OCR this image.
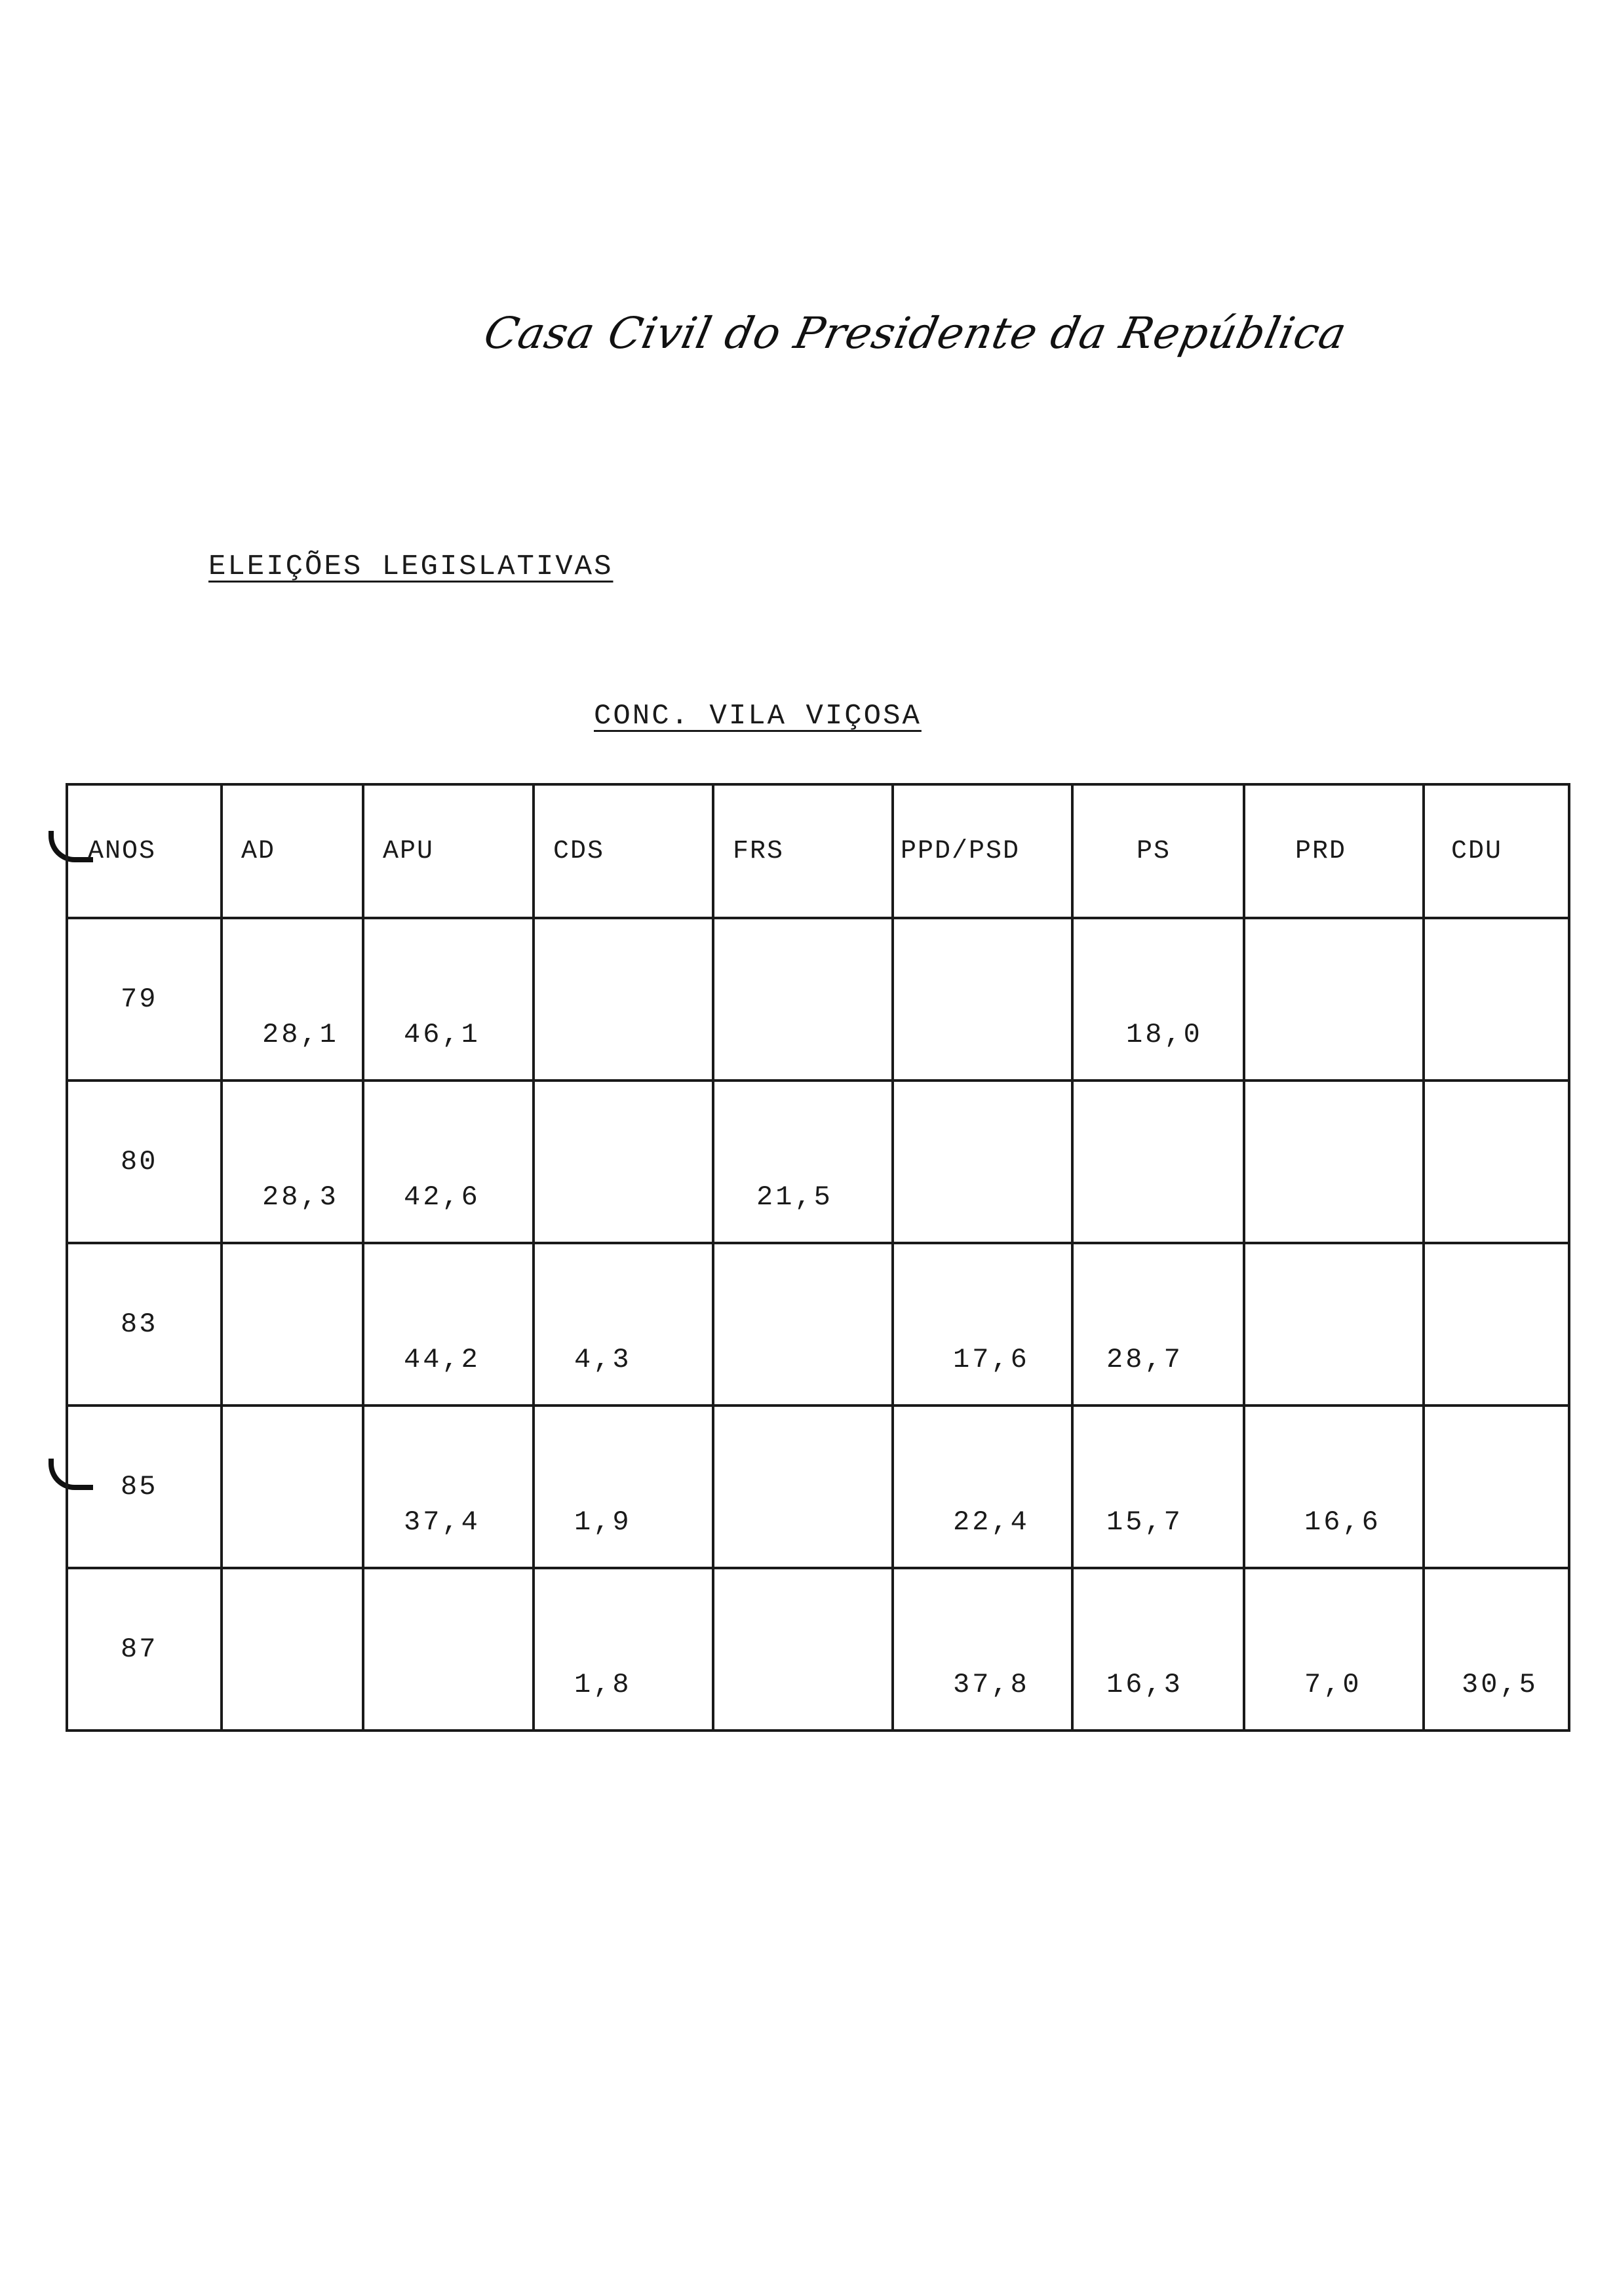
Casa Civil do Presidente da República
ELEIÇÕES LEGISLATIVAS
CONC. VILA VIÇOSA
ANOS	AD	APU	CDS	FRS	PPD/PSD	PS	PRD	CDU
79	28,1	46,1				18,0		
80	28,3	42,6		21,5				
83		44,2	4,3		17,6	28,7		
85		37,4	1,9		22,4	15,7	16,6	
87			1,8		37,8	16,3	7,0	30,5
